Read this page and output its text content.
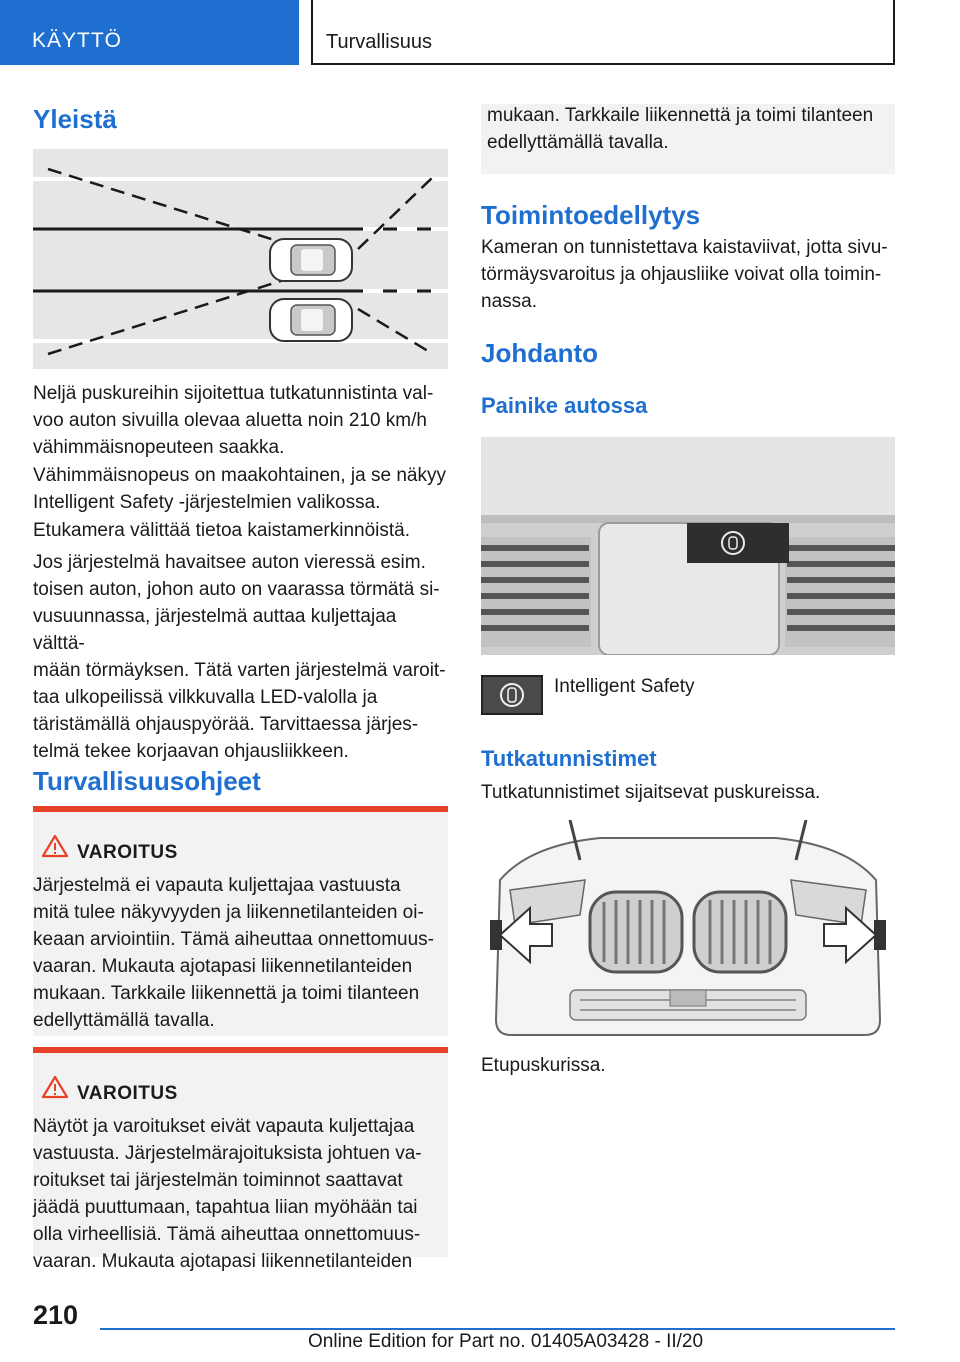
KÄYTTÖ	Turvallisuus
Yleistä

Neljä puskureihin sijoitettua tutkatunnistinta val-
voo auton sivuilla olevaa aluetta noin 210 km/h
vähimmäisnopeuteen saakka.

Vähimmäisnopeus on maakohtainen, ja se näkyy
Intelligent Safety -järjestelmien valikossa.

Etukamera välittää tietoa kaistamerkinnöistä.

Jos järjestelmä havaitsee auton vieressä esim.
toisen auton, johon auto on vaarassa törmätä si-
vusuunnassa, järjestelmä auttaa kuljettajaa välttä-
mään törmäyksen. Tätä varten järjestelmä varoit-
taa ulkopeilissä vilkkuvalla LED-valolla ja
täristämällä ohjauspyörää. Tarvittaessa järjes-
telmä tekee korjaavan ohjausliikkeen.

Turvallisuusohjeet
VAROITUS

Järjestelmä ei vapauta kuljettajaa vastuusta
mitä tulee näkyvyyden ja liikennetilanteiden oi-
keaan arviointiin. Tämä aiheuttaa onnettomuus-
vaaran. Mukauta ajotapasi liikennetilanteiden
mukaan. Tarkkaile liikennettä ja toimi tilanteen
edellyttämällä tavalla.

VAROITUS

Näytöt ja varoitukset eivät vapauta kuljettajaa
vastuusta. Järjestelmärajoituksista johtuen va-
roitukset tai järjestelmän toiminnot saattavat
jäädä puuttumaan, tapahtua liian myöhään tai
olla virheellisiä. Tämä aiheuttaa onnettomuus-
vaaran. Mukauta ajotapasi liikennetilanteiden

mukaan. Tarkkaile liikennettä ja toimi tilanteen
edellyttämällä tavalla.

Toimintoedellytys

Kameran on tunnistettava kaistaviivat, jotta sivu-
törmäysvaroitus ja ohjausliike voivat olla toimin-
nassa.

Johdanto
Painike autossa

Intelligent Safety

Tutkatunnistimet

Tutkatunnistimet sijaitsevat puskureissa.

Etupuskurissa.

210
Online Edition for Part no. 01405A03428 - II/20
